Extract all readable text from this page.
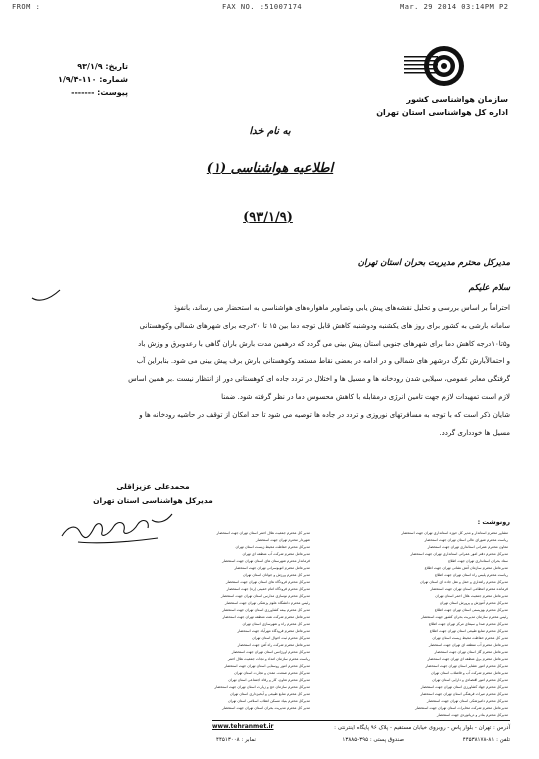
FROM :	FAX NO. :51007174	Mar. 29 2014 03:14PM P2
تاریخ: ۹۳/۱/۹
شماره: ۱۱۰-۱/۹/۴
پیوست: -------
سازمان هواشناسی کشور
اداره کل هواشناسی استان تهران
به نام خدا
اطلاعیه هواشناسی (۱)
(۹۳/۱/۹)
مدیرکل محترم مدیریت بحران استان تهران
سلام علیکم
احتراماً بر اساس بررسی و تحلیل نقشه‌های پیش یابی وتصاویر ماهواره‌های هواشناسی به استحضار می رساند، بانفوذ
سامانه بارشی به کشور برای روز های یکشنبه ودوشنبه کاهش قابل توجه دما بین ۱۵ تا ۲۰درجه برای شهرهای شمالی وکوهستانی
و۵تا۱۰درجه کاهش دما برای شهرهای جنوبی استان پیش بینی می گردد که درهمین مدت بارش باران گاهی با رعدوبرق و وزش باد
و احتمالاًبارش تگرگ درشهر های شمالی و در ادامه در بعضی نقاط مستعد وکوهستانی بارش برف پیش بینی می شود. بنابراین آب
گرفتگی معابر عمومی، سیلابی شدن رودخانه ها و مسیل ها و اختلال در تردد جاده ای کوهستانی دور از انتظار نیست .بر همین اساس
لازم است تمهیدات لازم جهت تامین انرژی درمقابله با کاهش محسوس دما در نظر گرفته شود. ضمنا
شایان ذکر است که با توجه به مسافرتهای نوروزی و تردد در جاده ها توصیه می شود تا حد امکان از توقف در حاشیه رودخانه ها و
مسیل ها خودداری گردد.
محمدعلی عزیزاقلی
مدیرکل هواشناسی استان تهران
رونوشت :
مشاور محترم استاندار و مدیر کل حوزه استانداری تهران جهت استحضار
ریاست محترم شورای عالی استان تهران جهت استحضار
معاون محترم عمرانی استانداری تهران جهت استحضار
مدیرکل محترم دفتر امور عمرانی استانداری تهران جهت استحضار
ستاد بحران استانداری تهران جهت اطلاع
مدیرعامل محترم سازمان آتش نشانی تهران جهت اطلاع
ریاست محترم پلیس راه استان تهران جهت اطلاع
مدیرکل محترم راهداری و حمل و نقل جاده ای استان تهران
فرمانده محترم انتظامی استان تهران جهت استحضار
مدیرعامل محترم جمعیت هلال احمر استان تهران
مدیرکل محترم آموزش و پرورش استان تهران
مدیرکل محترم بهزیستی استان تهران جهت اطلاع
رئیس محترم سازمان مدیریت بحران کشور جهت استحضار
مدیرکل محترم صدا و سیمای مرکز تهران جهت اطلاع
مدیرکل محترم منابع طبیعی استان تهران جهت اطلاع
مدیر کل محترم حفاظت محیط زیست استان تهران
مدیرعامل محترم آب منطقه ای تهران جهت استحضار
مدیرعامل محترم گاز استان تهران جهت استحضار
مدیرعامل محترم برق منطقه ای تهران جهت استحضار
مدیرکل محترم امور عشایر استان تهران جهت استحضار
مدیرعامل محترم شرکت آب و فاضلاب استان تهران
مدیرکل محترم امور اقتصادی و دارایی استان تهران
مدیرکل محترم جهاد کشاورزی استان تهران جهت استحضار
مدیرکل محترم میراث فرهنگی استان تهران جهت استحضار
مدیرکل محترم دامپزشکی استان تهران جهت استحضار
مدیرعامل محترم شرکت مخابرات استان تهران جهت استحضار
مدیرکل محترم بنادر و دریانوردی جهت استحضار
مدیر کل محترم جمعیت هلال احمر استان تهران جهت استحضار
شهردار محترم تهران جهت استحضار
مدیرکل محترم حفاظت محیط زیست استان تهران
مدیرعامل محترم شرکت آب منطقه ای تهران
فرماندار محترم شهرستان های استان تهران جهت استحضار
مدیرعامل محترم اتوبوسرانی تهران جهت استحضار
مدیر کل محترم ورزش و جوانان استان تهران
مدیرکل محترم فرودگاه های استان تهران جهت استحضار
مدیرکل محترم فرودگاه امام خمینی (ره) جهت استحضار
مدیرکل محترم نوسازی مدارس استان تهران جهت استحضار
رئیس محترم دانشگاه علوم پزشکی تهران جهت استحضار
مدیر کل محترم بیمه کشاورزی استان تهران جهت استحضار
مدیرعامل محترم شرکت نفت منطقه تهران جهت استحضار
مدیر کل محترم راه و شهرسازی استان تهران
مدیرعامل محترم فرودگاه مهرآباد جهت استحضار
مدیرکل محترم ثبت احوال استان تهران
مدیرعامل محترم شرکت راه آهن جهت استحضار
مدیرکل محترم اورژانس استان تهران جهت استحضار
ریاست محترم سازمان امداد و نجات جمعیت هلال احمر
مدیرکل محترم امور روستایی استان تهران جهت استحضار
مدیرکل محترم صنعت، معدن و تجارت استان تهران
مدیرکل محترم تعاون، کار و رفاه اجتماعی استان تهران
مدیرکل محترم سازمان حج و زیارت استان تهران جهت استحضار
مدیر کل محترم منابع طبیعی و آبخیزداری استان تهران
مدیرکل محترم بنیاد مسکن انقلاب اسلامی استان تهران
مدیر کل محترم مدیریت بحران استان تهران جهت استحضار
آدرس : تهران - بلوار پاس - روبروی خیابان مستقیم - پلاک ۹۶ پایگاه اینترنتی :
www.tehranmet.ir
تلفن : ۸۱-۴۴۵۳۸۱۷۸
صندوق پستی : ۳۹۵-۱۳۸۸۵
نمابر : ۴۴۵۱۳۰۰۸
